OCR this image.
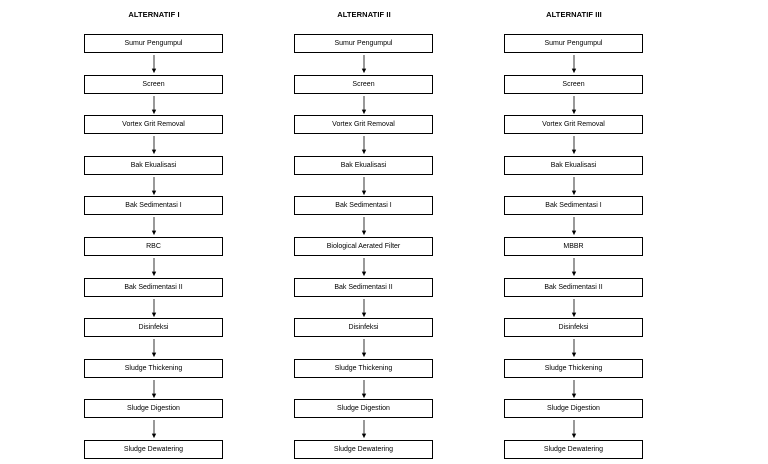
ALTERNATIF I
Sumur Pengumpul
Screen
Vortex Grit Removal
Bak Ekualisasi
Bak Sedimentasi I
RBC
Bak Sedimentasi II
Disinfeksi
Sludge Thickening
Sludge Digestion
Sludge Dewatering
ALTERNATIF II
Sumur Pengumpul
Screen
Vortex Grit Removal
Bak Ekualisasi
Bak Sedimentasi I
Biological Aerated Filter
Bak Sedimentasi II
Disinfeksi
Sludge Thickening
Sludge Digestion
Sludge Dewatering
ALTERNATIF III
Sumur Pengumpul
Screen
Vortex Grit Removal
Bak Ekualisasi
Bak Sedimentasi I
MBBR
Bak Sedimentasi II
Disinfeksi
Sludge Thickening
Sludge Digestion
Sludge Dewatering
